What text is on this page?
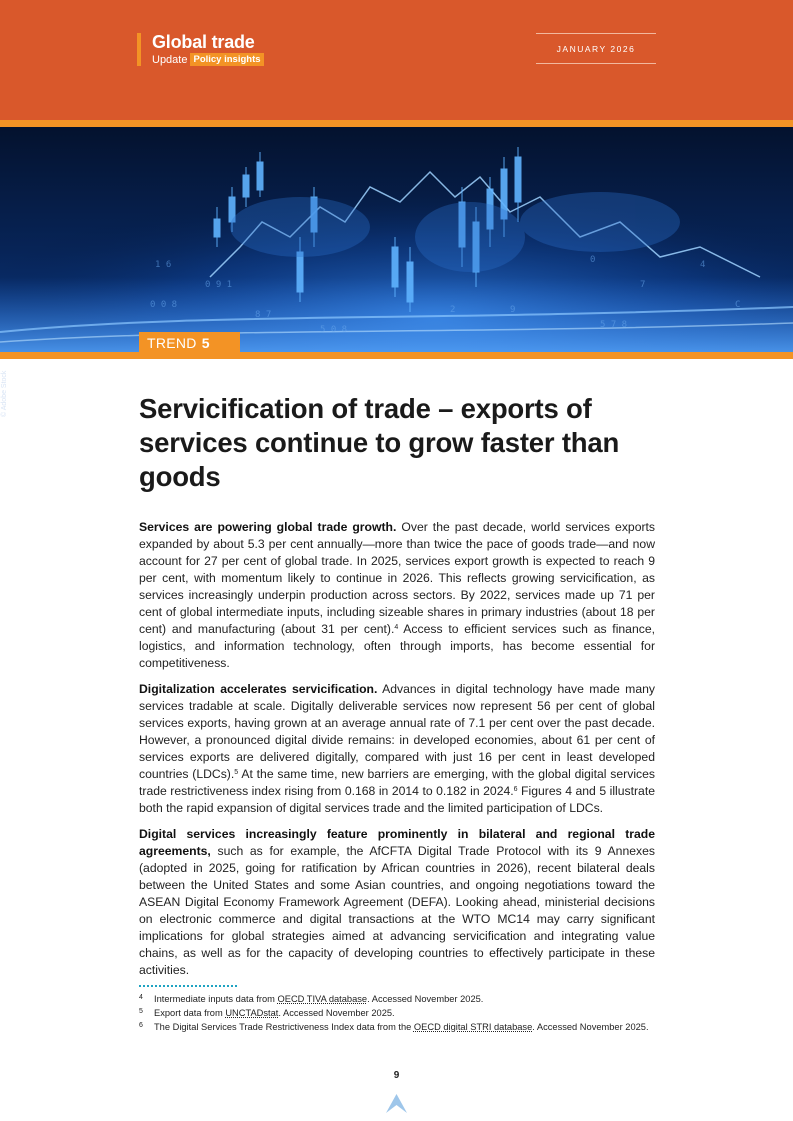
Global trade
Update Policy insights
JANUARY 2026
1 6
0 9 1
8 7	2	9
0
7
4
C
0 0 8
5 0 8	5 7 8
© Adobe Stock
TREND 5
Servicification of trade – exports of services continue to grow faster than goods

Services are powering global trade growth. Over the past decade, world services exports expanded by about 5.3 per cent annually—more than twice the pace of goods trade—and now account for 27 per cent of global trade. In 2025, services export growth is expected to reach 9 per cent, with momentum likely to continue in 2026. This reflects growing servicification, as services increasingly underpin production across sectors. By 2022, services made up 71 per cent of global intermediate inputs, including sizeable shares in primary industries (about 18 per cent) and manufacturing (about 31 per cent).$^4$ Access to efficient services such as finance, logistics, and information technology, often through imports, has become essential for competitiveness.

Digitalization accelerates servicification. Advances in digital technology have made many services tradable at scale. Digitally deliverable services now represent 56 per cent of global services exports, having grown at an average annual rate of 7.1 per cent over the past decade. However, a pronounced digital divide remains: in developed economies, about 61 per cent of services exports are delivered digitally, compared with just 16 per cent in least developed countries (LDCs).$^5$ At the same time, new barriers are emerging, with the global digital services trade restrictiveness index rising from 0.168 in 2014 to 0.182 in 2024.$^6$ Figures 4 and 5 illustrate both the rapid expansion of digital services trade and the limited participation of LDCs.

Digital services increasingly feature prominently in bilateral and regional trade agreements, such as for example, the AfCFTA Digital Trade Protocol with its 9 Annexes (adopted in 2025, going for ratification by African countries in 2026), recent bilateral deals between the United States and some Asian countries, and ongoing negotiations toward the ASEAN Digital Economy Framework Agreement (DEFA). Looking ahead, ministerial decisions on electronic commerce and digital transactions at the WTO MC14 may carry significant implications for global strategies aimed at advancing servicification and integrating value chains, as well as for the capacity of developing countries to effectively participate in these activities.

4 Intermediate inputs data from OECD TIVA database. Accessed November 2025.
5 Export data from UNCTADstat. Accessed November 2025.
6 The Digital Services Trade Restrictiveness Index data from the OECD digital STRI database. Accessed November 2025.
9
